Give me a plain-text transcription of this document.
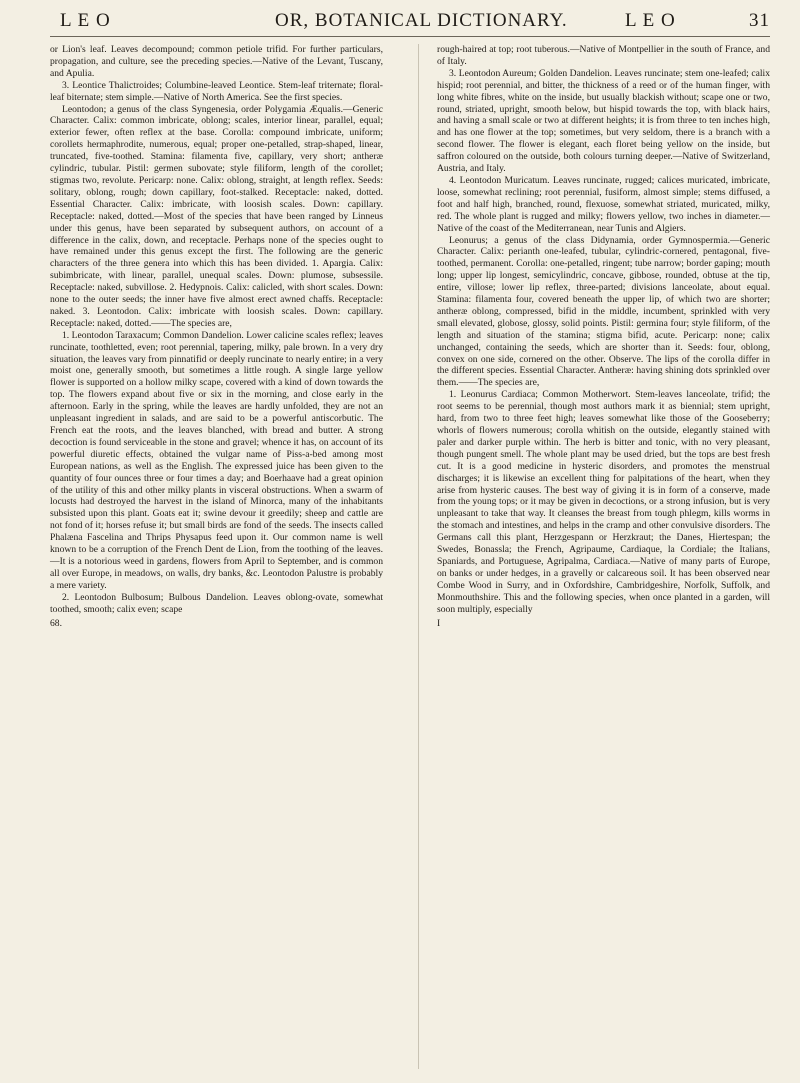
L E O	OR, BOTANICAL DICTIONARY.	L E O	31

or Lion's leaf. Leaves decompound; common petiole trifid. For further particulars, propagation, and culture, see the preceding species.—Native of the Levant, Tuscany, and Apulia.

3. Leontice Thalictroides; Columbine-leaved Leontice. Stem-leaf triternate; floral-leaf biternate; stem simple.—Native of North America. See the first species.

Leontodon; a genus of the class Syngenesia, order Polygamia Æqualis.—Generic Character. Calix: common imbricate, oblong; scales, interior linear, parallel, equal; exterior fewer, often reflex at the base. Corolla: compound imbricate, uniform; corollets hermaphrodite, numerous, equal; proper one-petalled, strap-shaped, linear, truncated, five-toothed. Stamina: filamenta five, capillary, very short; antheræ cylindric, tubular. Pistil: germen subovate; style filiform, length of the corollet; stigmas two, revolute. Pericarp: none. Calix: oblong, straight, at length reflex. Seeds: solitary, oblong, rough; down capillary, foot-stalked. Receptacle: naked, dotted. Essential Character. Calix: imbricate, with loosish scales. Down: capillary. Receptacle: naked, dotted.—Most of the species that have been ranged by Linneus under this genus, have been separated by subsequent authors, on account of a difference in the calix, down, and receptacle. Perhaps none of the species ought to have remained under this genus except the first. The following are the generic characters of the three genera into which this has been divided. 1. Apargia. Calix: subimbricate, with linear, parallel, unequal scales. Down: plumose, subsessile. Receptacle: naked, subvillose. 2. Hedypnois. Calix: calicled, with short scales. Down: none to the outer seeds; the inner have five almost erect awned chaffs. Receptacle: naked. 3. Leontodon. Calix: imbricate with loosish scales. Down: capillary. Receptacle: naked, dotted.——The species are,

1. Leontodon Taraxacum; Common Dandelion. Lower calicine scales reflex; leaves runcinate, toothletted, even; root perennial, tapering, milky, pale brown. In a very dry situation, the leaves vary from pinnatifid or deeply runcinate to nearly entire; in a very moist one, generally smooth, but sometimes a little rough. A single large yellow flower is supported on a hollow milky scape, covered with a kind of down towards the top. The flowers expand about five or six in the morning, and close early in the afternoon. Early in the spring, while the leaves are hardly unfolded, they are not an unpleasant ingredient in salads, and are said to be a powerful antiscorbutic. The French eat the roots, and the leaves blanched, with bread and butter. A strong decoction is found serviceable in the stone and gravel; whence it has, on account of its powerful diuretic effects, obtained the vulgar name of Piss-a-bed among most European nations, as well as the English. The expressed juice has been given to the quantity of four ounces three or four times a day; and Boerhaave had a great opinion of the utility of this and other milky plants in visceral obstructions. When a swarm of locusts had destroyed the harvest in the island of Minorca, many of the inhabitants subsisted upon this plant. Goats eat it; swine devour it greedily; sheep and cattle are not fond of it; horses refuse it; but small birds are fond of the seeds. The insects called Phalæna Fascelina and Thrips Physapus feed upon it. Our common name is well known to be a corruption of the French Dent de Lion, from the toothing of the leaves.—It is a notorious weed in gardens, flowers from April to September, and is common all over Europe, in meadows, on walls, dry banks, &c. Leontodon Palustre is probably a mere variety.

2. Leontodon Bulbosum; Bulbous Dandelion. Leaves oblong-ovate, somewhat toothed, smooth; calix even; scape

68.

rough-haired at top; root tuberous.—Native of Montpellier in the south of France, and of Italy.

3. Leontodon Aureum; Golden Dandelion. Leaves runcinate; stem one-leafed; calix hispid; root perennial, and bitter, the thickness of a reed or of the human finger, with long white fibres, white on the inside, but usually blackish without; scape one or two, round, striated, upright, smooth below, but hispid towards the top, with black hairs, and having a small scale or two at different heights; it is from three to ten inches high, and has one flower at the top; sometimes, but very seldom, there is a branch with a second flower. The flower is elegant, each floret being yellow on the inside, but saffron coloured on the outside, both colours turning deeper.—Native of Switzerland, Austria, and Italy.

4. Leontodon Muricatum. Leaves runcinate, rugged; calices muricated, imbricate, loose, somewhat reclining; root perennial, fusiform, almost simple; stems diffused, a foot and half high, branched, round, flexuose, somewhat striated, muricated, milky, red. The whole plant is rugged and milky; flowers yellow, two inches in diameter.—Native of the coast of the Mediterranean, near Tunis and Algiers.

Leonurus; a genus of the class Didynamia, order Gymnospermia.—Generic Character. Calix: perianth one-leafed, tubular, cylindric-cornered, pentagonal, five-toothed, permanent. Corolla: one-petalled, ringent; tube narrow; border gaping; mouth long; upper lip longest, semicylindric, concave, gibbose, rounded, obtuse at the tip, entire, villose; lower lip reflex, three-parted; divisions lanceolate, about equal. Stamina: filamenta four, covered beneath the upper lip, of which two are shorter; antheræ oblong, compressed, bifid in the middle, incumbent, sprinkled with very small elevated, globose, glossy, solid points. Pistil: germina four; style filiform, of the length and situation of the stamina; stigma bifid, acute. Pericarp: none; calix unchanged, containing the seeds, which are shorter than it. Seeds: four, oblong, convex on one side, cornered on the other. Observe. The lips of the corolla differ in the different species. Essential Character. Antheræ: having shining dots sprinkled over them.——The species are,

1. Leonurus Cardiaca; Common Motherwort. Stem-leaves lanceolate, trifid; the root seems to be perennial, though most authors mark it as biennial; stem upright, hard, from two to three feet high; leaves somewhat like those of the Gooseberry; whorls of flowers numerous; corolla whitish on the outside, elegantly stained with paler and darker purple within. The herb is bitter and tonic, with no very pleasant, though pungent smell. The whole plant may be used dried, but the tops are best fresh cut. It is a good medicine in hysteric disorders, and promotes the menstrual discharges; it is likewise an excellent thing for palpitations of the heart, when they arise from hysteric causes. The best way of giving it is in form of a conserve, made from the young tops; or it may be given in decoctions, or a strong infusion, but is very unpleasant to take that way. It cleanses the breast from tough phlegm, kills worms in the stomach and intestines, and helps in the cramp and other convulsive disorders. The Germans call this plant, Herzgespann or Herzkraut; the Danes, Hiertespan; the Swedes, Bonassla; the French, Agripaume, Cardiaque, la Cordiale; the Italians, Spaniards, and Portuguese, Agripalma, Cardiaca.—Native of many parts of Europe, on banks or under hedges, in a gravelly or calcareous soil. It has been observed near Combe Wood in Surry, and in Oxfordshire, Cambridgeshire, Norfolk, Suffolk, and Monmouthshire. This and the following species, when once planted in a garden, will soon multiply, especially

I
